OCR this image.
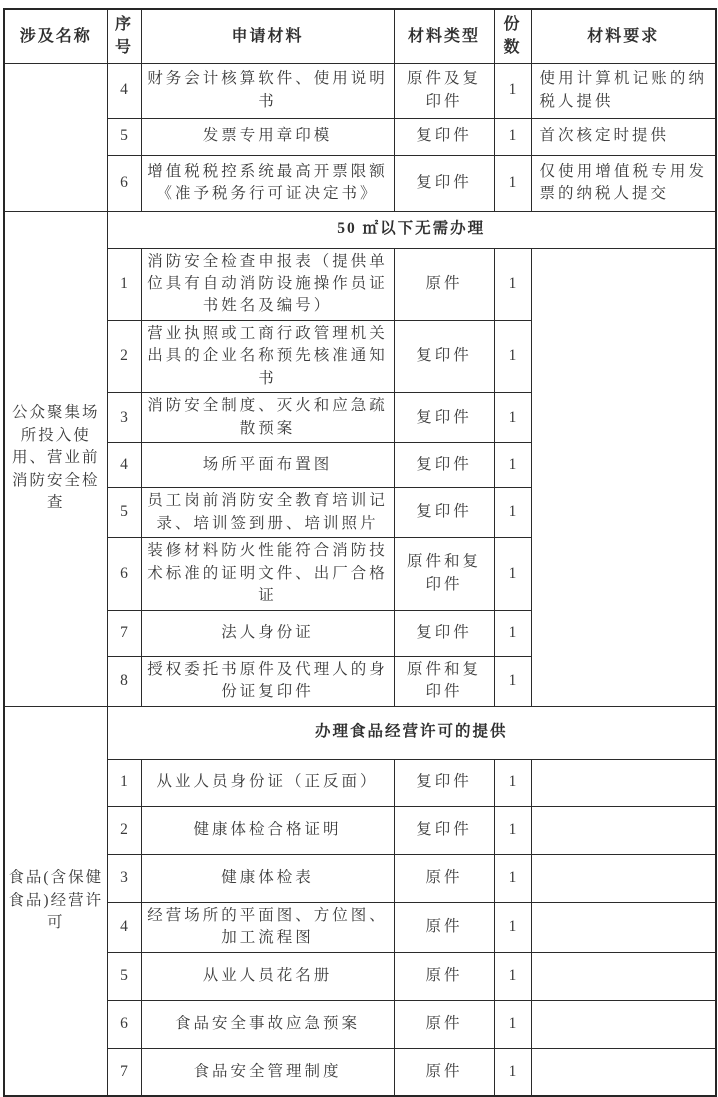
涉及名称	序号	申请材料	材料类型	份数	材料要求
	4	财务会计核算软件、使用说明书	原件及复印件	1	使用计算机记账的纳税人提供
	5	发票专用章印模	复印件	1	首次核定时提供
	6	增值税税控系统最高开票限额《准予税务行可证决定书》	复印件	1	仅使用增值税专用发票的纳税人提交
公众聚集场所投入使用、营业前消防安全检查	50 ㎡以下无需办理				
	1	消防安全检查申报表（提供单位具有自动消防设施操作员证书姓名及编号）	原件	1	
	2	营业执照或工商行政管理机关出具的企业名称预先核准通知书	复印件	1	
	3	消防安全制度、灭火和应急疏散预案	复印件	1	
	4	场所平面布置图	复印件	1	
	5	员工岗前消防安全教育培训记录、培训签到册、培训照片	复印件	1	
	6	装修材料防火性能符合消防技术标准的证明文件、出厂合格证	原件和复印件	1	
	7	法人身份证	复印件	1	
	8	授权委托书原件及代理人的身份证复印件	原件和复印件	1	
食品(含保健食品)经营许可	办理食品经营许可的提供				
	1	从业人员身份证（正反面）	复印件	1	
	2	健康体检合格证明	复印件	1	
	3	健康体检表	原件	1	
	4	经营场所的平面图、方位图、加工流程图	原件	1	
	5	从业人员花名册	原件	1	
	6	食品安全事故应急预案	原件	1	
	7	食品安全管理制度	原件	1	
